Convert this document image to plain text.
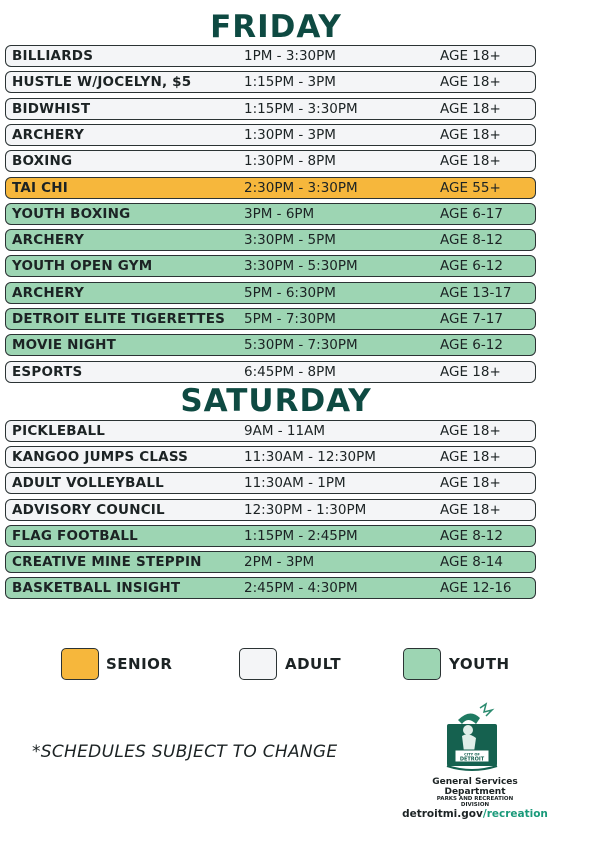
FRIDAY
BILLIARDS	1PM - 3:30PM	AGE 18+
HUSTLE W/JOCELYN, $5	1:15PM - 3PM	AGE 18+
BIDWHIST	1:15PM - 3:30PM	AGE 18+
ARCHERY	1:30PM - 3PM	AGE 18+
BOXING	1:30PM - 8PM	AGE 18+
TAI CHI	2:30PM - 3:30PM	AGE 55+
YOUTH BOXING	3PM - 6PM	AGE 6-17
ARCHERY	3:30PM - 5PM	AGE 8-12
YOUTH OPEN GYM	3:30PM - 5:30PM	AGE 6-12
ARCHERY	5PM - 6:30PM	AGE 13-17
DETROIT ELITE TIGERETTES 5PM - 7:30PM	AGE 7-17
MOVIE NIGHT	5:30PM - 7:30PM	AGE 6-12
ESPORTS	6:45PM - 8PM	AGE 18+
SATURDAY
PICKLEBALL	9AM - 11AM	AGE 18+
KANGOO JUMPS CLASS	11:30AM - 12:30PM	AGE 18+
ADULT VOLLEYBALL	11:30AM - 1PM	AGE 18+
ADVISORY COUNCIL	12:30PM - 1:30PM	AGE 18+
FLAG FOOTBALL	1:15PM - 2:45PM	AGE 8-12
CREATIVE MINE STEPPIN	2PM - 3PM	AGE 8-14
BASKETBALL INSIGHT	2:45PM - 4:30PM	AGE 12-16
SENIOR	ADULT	YOUTH
*SCHEDULES SUBJECT TO CHANGE	CITY OF
DETROIT
General Services
Department
PARKS AND RECREATION
DIVISION
detroitmi.gov/recreation
